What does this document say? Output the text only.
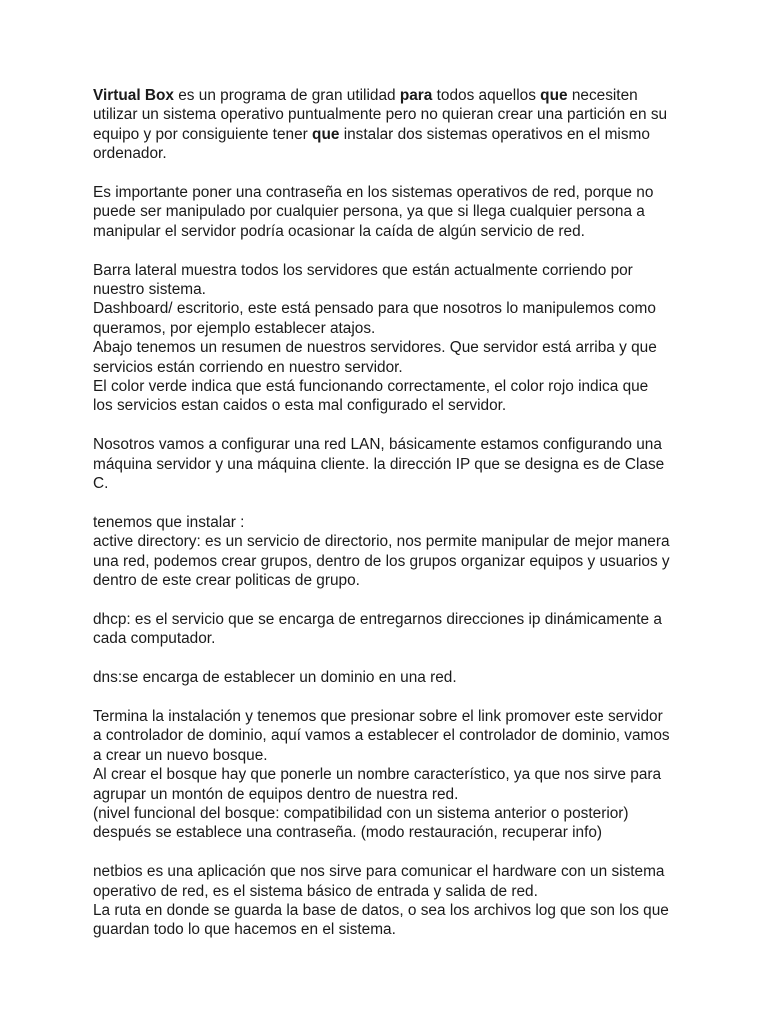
Virtual Box es un programa de gran utilidad para todos aquellos que necesiten
utilizar un sistema operativo puntualmente pero no quieran crear una partición en su
equipo y por consiguiente tener que instalar dos sistemas operativos en el mismo
ordenador.

Es importante poner una contraseña en los sistemas operativos de red, porque no
puede ser manipulado por cualquier persona, ya que si llega cualquier persona a
manipular el servidor podría ocasionar la caída de algún servicio de red.

Barra lateral muestra todos los servidores que están actualmente corriendo por
nuestro sistema.
Dashboard/ escritorio, este está pensado para que nosotros lo manipulemos como
queramos, por ejemplo establecer atajos.
Abajo tenemos un resumen de nuestros servidores. Que servidor está arriba y que
servicios están corriendo en nuestro servidor.
El color verde indica que está funcionando correctamente, el color rojo indica que
los servicios estan caidos o esta mal configurado el servidor.

Nosotros vamos a configurar una red LAN, básicamente estamos configurando una
máquina servidor y una máquina cliente. la dirección IP que se designa es de Clase
C.

tenemos que instalar :
active directory: es un servicio de directorio, nos permite manipular de mejor manera
una red, podemos crear grupos, dentro de los grupos organizar equipos y usuarios y
dentro de este crear politicas de grupo.

dhcp: es el servicio que se encarga de entregarnos direcciones ip dinámicamente a
cada computador.

dns:se encarga de establecer un dominio en una red.

Termina la instalación y tenemos que presionar sobre el link promover este servidor
a controlador de dominio, aquí vamos a establecer el controlador de dominio, vamos
a crear un nuevo bosque.
Al crear el bosque hay que ponerle un nombre característico, ya que nos sirve para
agrupar un montón de equipos dentro de nuestra red.
(nivel funcional del bosque: compatibilidad con un sistema anterior o posterior)
después se establece una contraseña. (modo restauración, recuperar info)

netbios es una aplicación que nos sirve para comunicar el hardware con un sistema
operativo de red, es el sistema básico de entrada y salida de red.
La ruta en donde se guarda la base de datos, o sea los archivos log que son los que
guardan todo lo que hacemos en el sistema.
